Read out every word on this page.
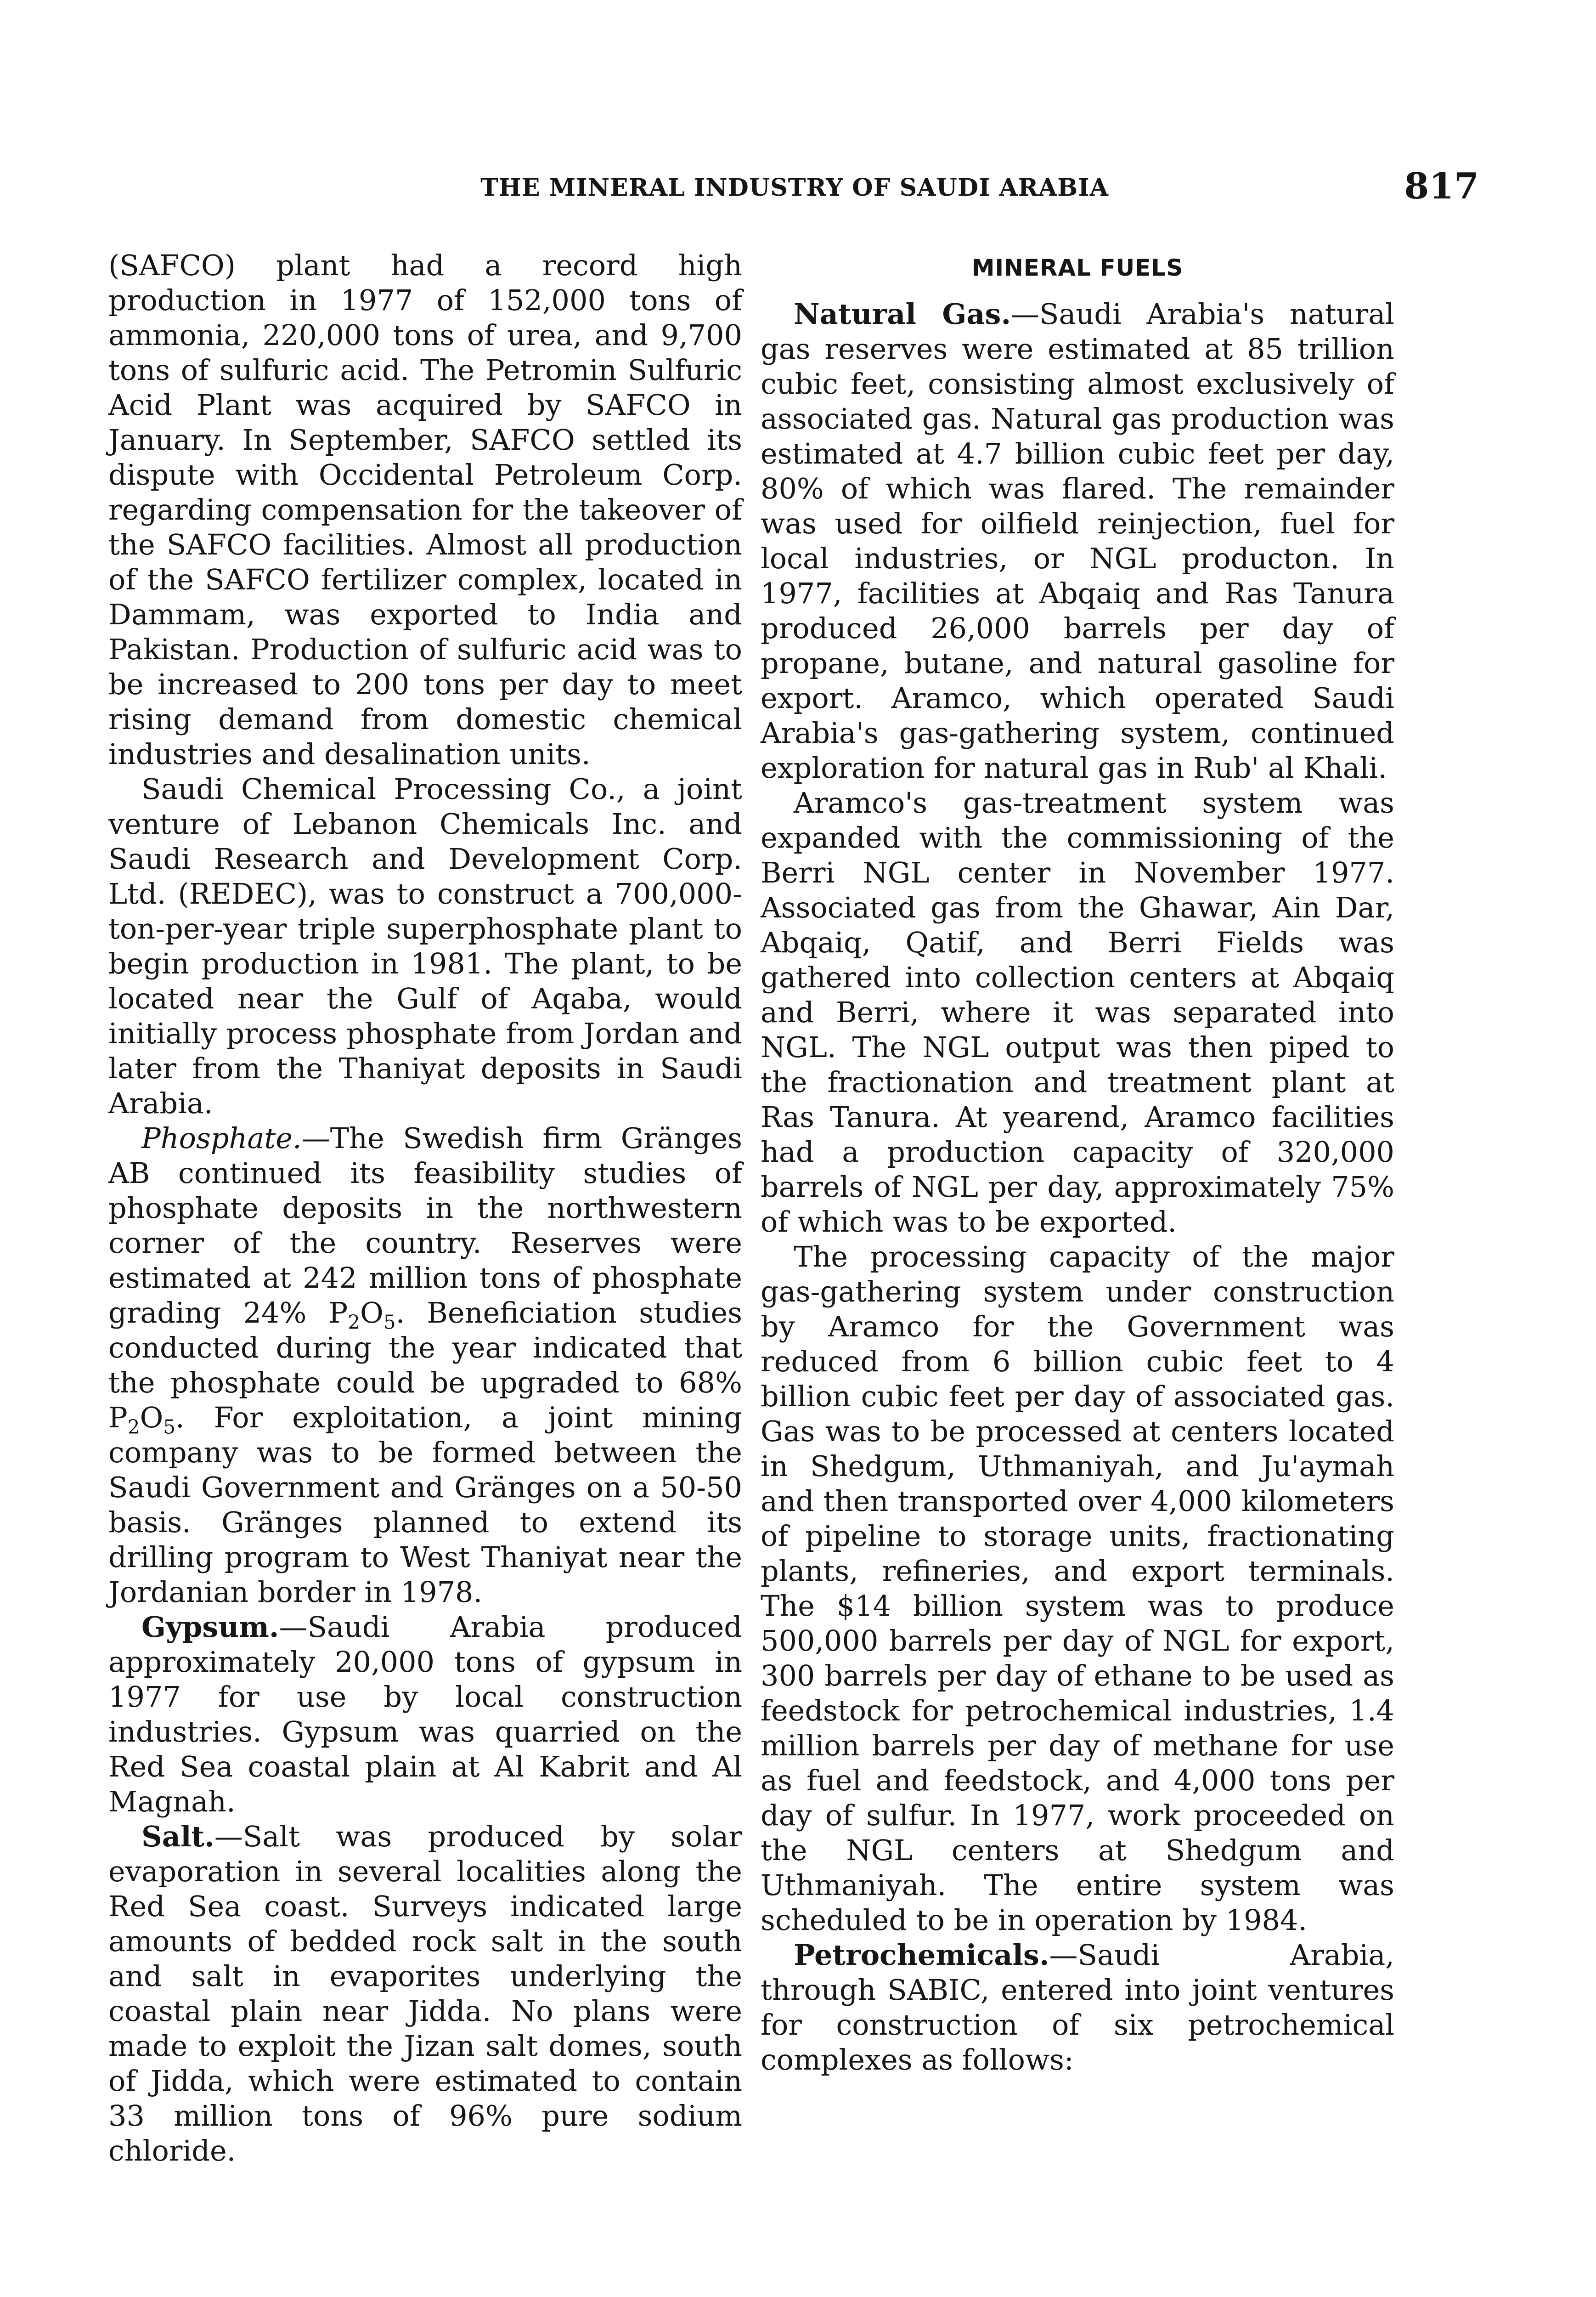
THE MINERAL INDUSTRY OF SAUDI ARABIA	817

(SAFCO) plant had a record high production in 1977 of 152,000 tons of ammonia, 220,000 tons of urea, and 9,700 tons of sulfuric acid. The Petromin Sulfuric Acid Plant was acquired by SAFCO in January. In September, SAFCO settled its dispute with Occidental Petroleum Corp. regarding compensation for the takeover of the SAFCO facilities. Almost all production of the SAFCO fertilizer complex, located in Dammam, was exported to India and Pakistan. Production of sulfuric acid was to be increased to 200 tons per day to meet rising demand from domestic chemical industries and desalination units.

Saudi Chemical Processing Co., a joint venture of Lebanon Chemicals Inc. and Saudi Research and Development Corp. Ltd. (REDEC), was to construct a 700,000-ton-per-year triple superphosphate plant to begin production in 1981. The plant, to be located near the Gulf of Aqaba, would initially process phosphate from Jordan and later from the Thaniyat deposits in Saudi Arabia.

Phosphate.—The Swedish firm Gränges AB continued its feasibility studies of phosphate deposits in the northwestern corner of the country. Reserves were estimated at 242 million tons of phosphate grading 24% $P_2O_5$. Beneficiation studies conducted during the year indicated that the phosphate could be upgraded to 68% $P_2O_5$. For exploitation, a joint mining company was to be formed between the Saudi Government and Gränges on a 50-50 basis. Gränges planned to extend its drilling program to West Thaniyat near the Jordanian border in 1978.

Gypsum.—Saudi Arabia produced approximately 20,000 tons of gypsum in 1977 for use by local construction industries. Gypsum was quarried on the Red Sea coastal plain at Al Kabrit and Al Magnah.

Salt.—Salt was produced by solar evaporation in several localities along the Red Sea coast. Surveys indicated large amounts of bedded rock salt in the south and salt in evaporites underlying the coastal plain near Jidda. No plans were made to exploit the Jizan salt domes, south of Jidda, which were estimated to contain 33 million tons of 96% pure sodium chloride.

MINERAL FUELS

Natural Gas.—Saudi Arabia's natural gas reserves were estimated at 85 trillion cubic feet, consisting almost exclusively of associated gas. Natural gas production was estimated at 4.7 billion cubic feet per day, 80% of which was flared. The remainder was used for oilfield reinjection, fuel for local industries, or NGL producton. In 1977, facilities at Abqaiq and Ras Tanura produced 26,000 barrels per day of propane, butane, and natural gasoline for export. Aramco, which operated Saudi Arabia's gas-gathering system, continued exploration for natural gas in Rub' al Khali.

Aramco's gas-treatment system was expanded with the commissioning of the Berri NGL center in November 1977. Associated gas from the Ghawar, Ain Dar, Abqaiq, Qatif, and Berri Fields was gathered into collection centers at Abqaiq and Berri, where it was separated into NGL. The NGL output was then piped to the fractionation and treatment plant at Ras Tanura. At yearend, Aramco facilities had a production capacity of 320,000 barrels of NGL per day, approximately 75% of which was to be exported.

The processing capacity of the major gas-gathering system under construction by Aramco for the Government was reduced from 6 billion cubic feet to 4 billion cubic feet per day of associated gas. Gas was to be processed at centers located in Shedgum, Uthmaniyah, and Ju'aymah and then transported over 4,000 kilometers of pipeline to storage units, fractionating plants, refineries, and export terminals. The $14 billion system was to produce 500,000 barrels per day of NGL for export, 300 barrels per day of ethane to be used as feedstock for petrochemical industries, 1.4 million barrels per day of methane for use as fuel and feedstock, and 4,000 tons per day of sulfur. In 1977, work proceeded on the NGL centers at Shedgum and Uthmaniyah. The entire system was scheduled to be in operation by 1984.

Petrochemicals.—Saudi Arabia, through SABIC, entered into joint ventures for construction of six petrochemical complexes as follows:
